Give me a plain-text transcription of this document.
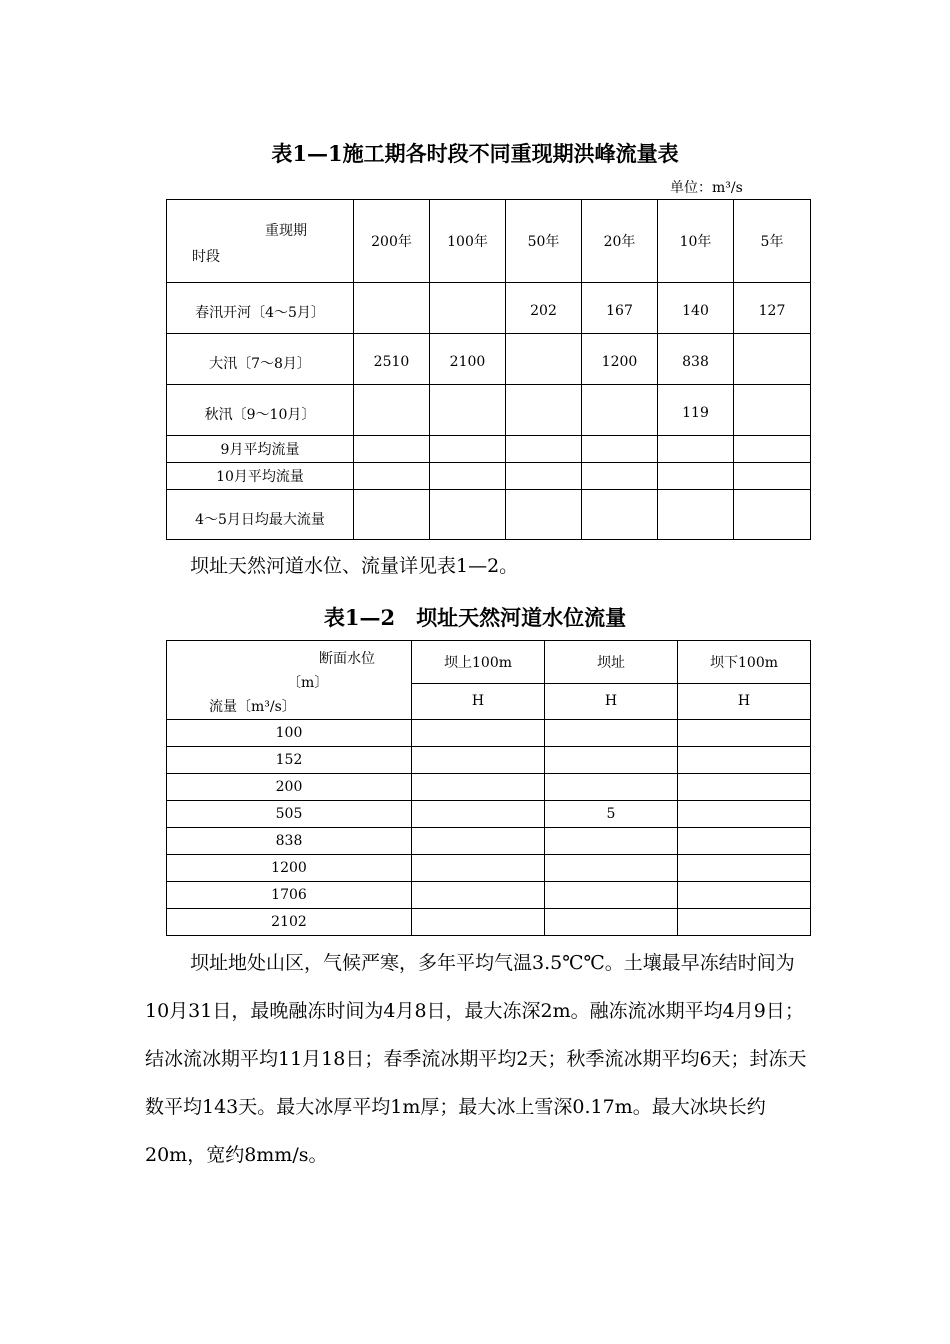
表1—1施工期各时段不同重现期洪峰流量表
单位：m³/s
重现期
时段	200年	100年	50年	20年	10年	5年
春汛开河〔4～5月〕			202	167	140	127
大汛〔7～8月〕	2510	2100		1200	838	
秋汛〔9～10月〕					119	
9月平均流量						
10月平均流量						
4～5月日均最大流量						
坝址天然河道水位、流量详见表1—2。
表1—2　坝址天然河道水位流量
断面水位
〔m〕
流量〔m³/s〕	坝上100m	坝址	坝下100m
	H	H	H
100			
152			
200			
505		5	
838			
1200			
1706			
2102			
坝址地处山区，气候严寒，多年平均气温3.5℃℃。土壤最早冻结时间为10月31日，最晚融冻时间为4月8日，最大冻深2m。融冻流冰期平均4月9日；结冰流冰期平均11月18日；春季流冰期平均2天；秋季流冰期平均6天；封冻天数平均143天。最大冰厚平均1m厚；最大冰上雪深0.17m。最大冰块长约20m，宽约8mm/s。
